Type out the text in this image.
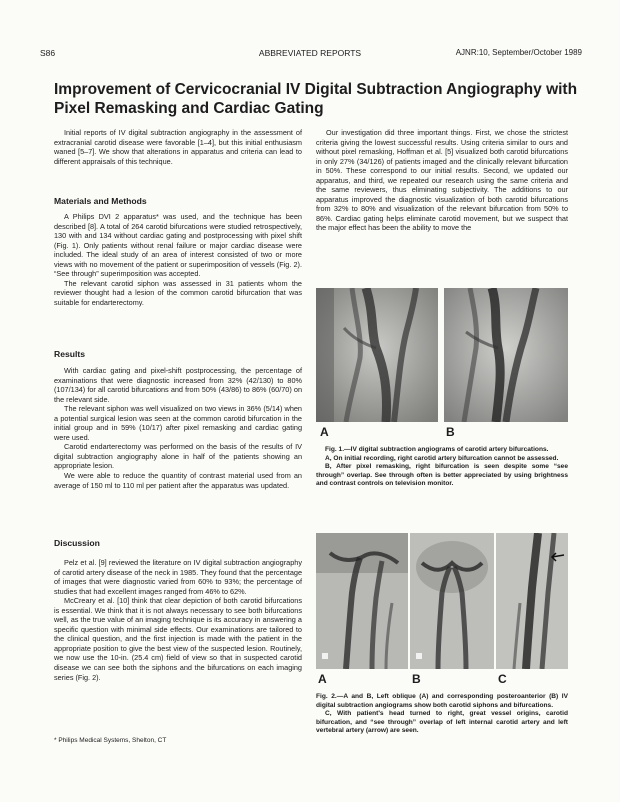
S86	ABBREVIATED REPORTS	AJNR:10, September/October 1989
Improvement of Cervicocranial IV Digital Subtraction Angiography with Pixel Remasking and Cardiac Gating

Initial reports of IV digital subtraction angiography in the assessment of extracranial carotid disease were favorable [1–4], but this initial enthusiasm waned [5–7]. We show that alterations in apparatus and criteria can lead to different appraisals of this technique.

Materials and Methods

A Philips DVI 2 apparatus* was used, and the technique has been described [8]. A total of 264 carotid bifurcations were studied retrospectively, 130 with and 134 without cardiac gating and postprocessing with pixel shift (Fig. 1). Only patients without renal failure or major cardiac disease were included. The ideal study of an area of interest consisted of two or more views with no movement of the patient or superimposition of vessels (Fig. 2). “See through” superimposition was accepted.

The relevant carotid siphon was assessed in 31 patients whom the reviewer thought had a lesion of the common carotid bifurcation that was suitable for endarterectomy.

Results

With cardiac gating and pixel-shift postprocessing, the percentage of examinations that were diagnostic increased from 32% (42/130) to 80% (107/134) for all carotid bifurcations and from 50% (43/86) to 86% (60/70) on the relevant side.

The relevant siphon was well visualized on two views in 36% (5/14) when a potential surgical lesion was seen at the common carotid bifurcation in the initial group and in 59% (10/17) after pixel remasking and cardiac gating were used.

Carotid endarterectomy was performed on the basis of the results of IV digital subtraction angiography alone in half of the patients showing an appropriate lesion.

We were able to reduce the quantity of contrast material used from an average of 150 ml to 110 ml per patient after the apparatus was updated.

Discussion

Pelz et al. [9] reviewed the literature on IV digital subtraction angiography of carotid artery disease of the neck in 1985. They found that the percentage of images that were diagnostic varied from 60% to 93%; the percentage of studies that had excellent images ranged from 46% to 62%.

McCreary et al. [10] think that clear depiction of both carotid bifurcations is essential. We think that it is not always necessary to see both bifurcations well, as the true value of an imaging technique is its accuracy in answering a specific question with minimal side effects. Our examinations are tailored to the clinical question, and the first injection is made with the patient in the appropriate position to give the best view of the suspected lesion. Routinely, we now use the 10-in. (25.4 cm) field of view so that in suspected carotid disease we can see both the siphons and the bifurcations on each imaging series (Fig. 2).

* Philips Medical Systems, Shelton, CT

Our investigation did three important things. First, we chose the strictest criteria giving the lowest successful results. Using criteria similar to ours and without pixel remasking, Hoffman et al. [5] visualized both carotid bifurcations in only 27% (34/126) of patients imaged and the clinically relevant bifurcation in 50%. These correspond to our initial results. Second, we updated our apparatus, and third, we repeated our research using the same criteria and the same reviewers, thus eliminating subjectivity. The additions to our apparatus improved the diagnostic visualization of both carotid bifurcations from 32% to 80% and visualization of the relevant bifurcation from 50% to 86%. Cardiac gating helps eliminate carotid movement, but we suspect that the major effect has been the ability to move the

A	B

Fig. 1.—IV digital subtraction angiograms of carotid artery bifurcations.

A, On initial recording, right carotid artery bifurcation cannot be assessed.

B, After pixel remasking, right bifurcation is seen despite some “see through” overlap. See through often is better appreciated by using brightness and contrast controls on television monitor.

A	B	C

Fig. 2.—A and B, Left oblique (A) and corresponding posteroanterior (B) IV digital subtraction angiograms show both carotid siphons and bifurcations.

C, With patient's head turned to right, great vessel origins, carotid bifurcation, and “see through” overlap of left internal carotid artery and left vertebral artery (arrow) are seen.
